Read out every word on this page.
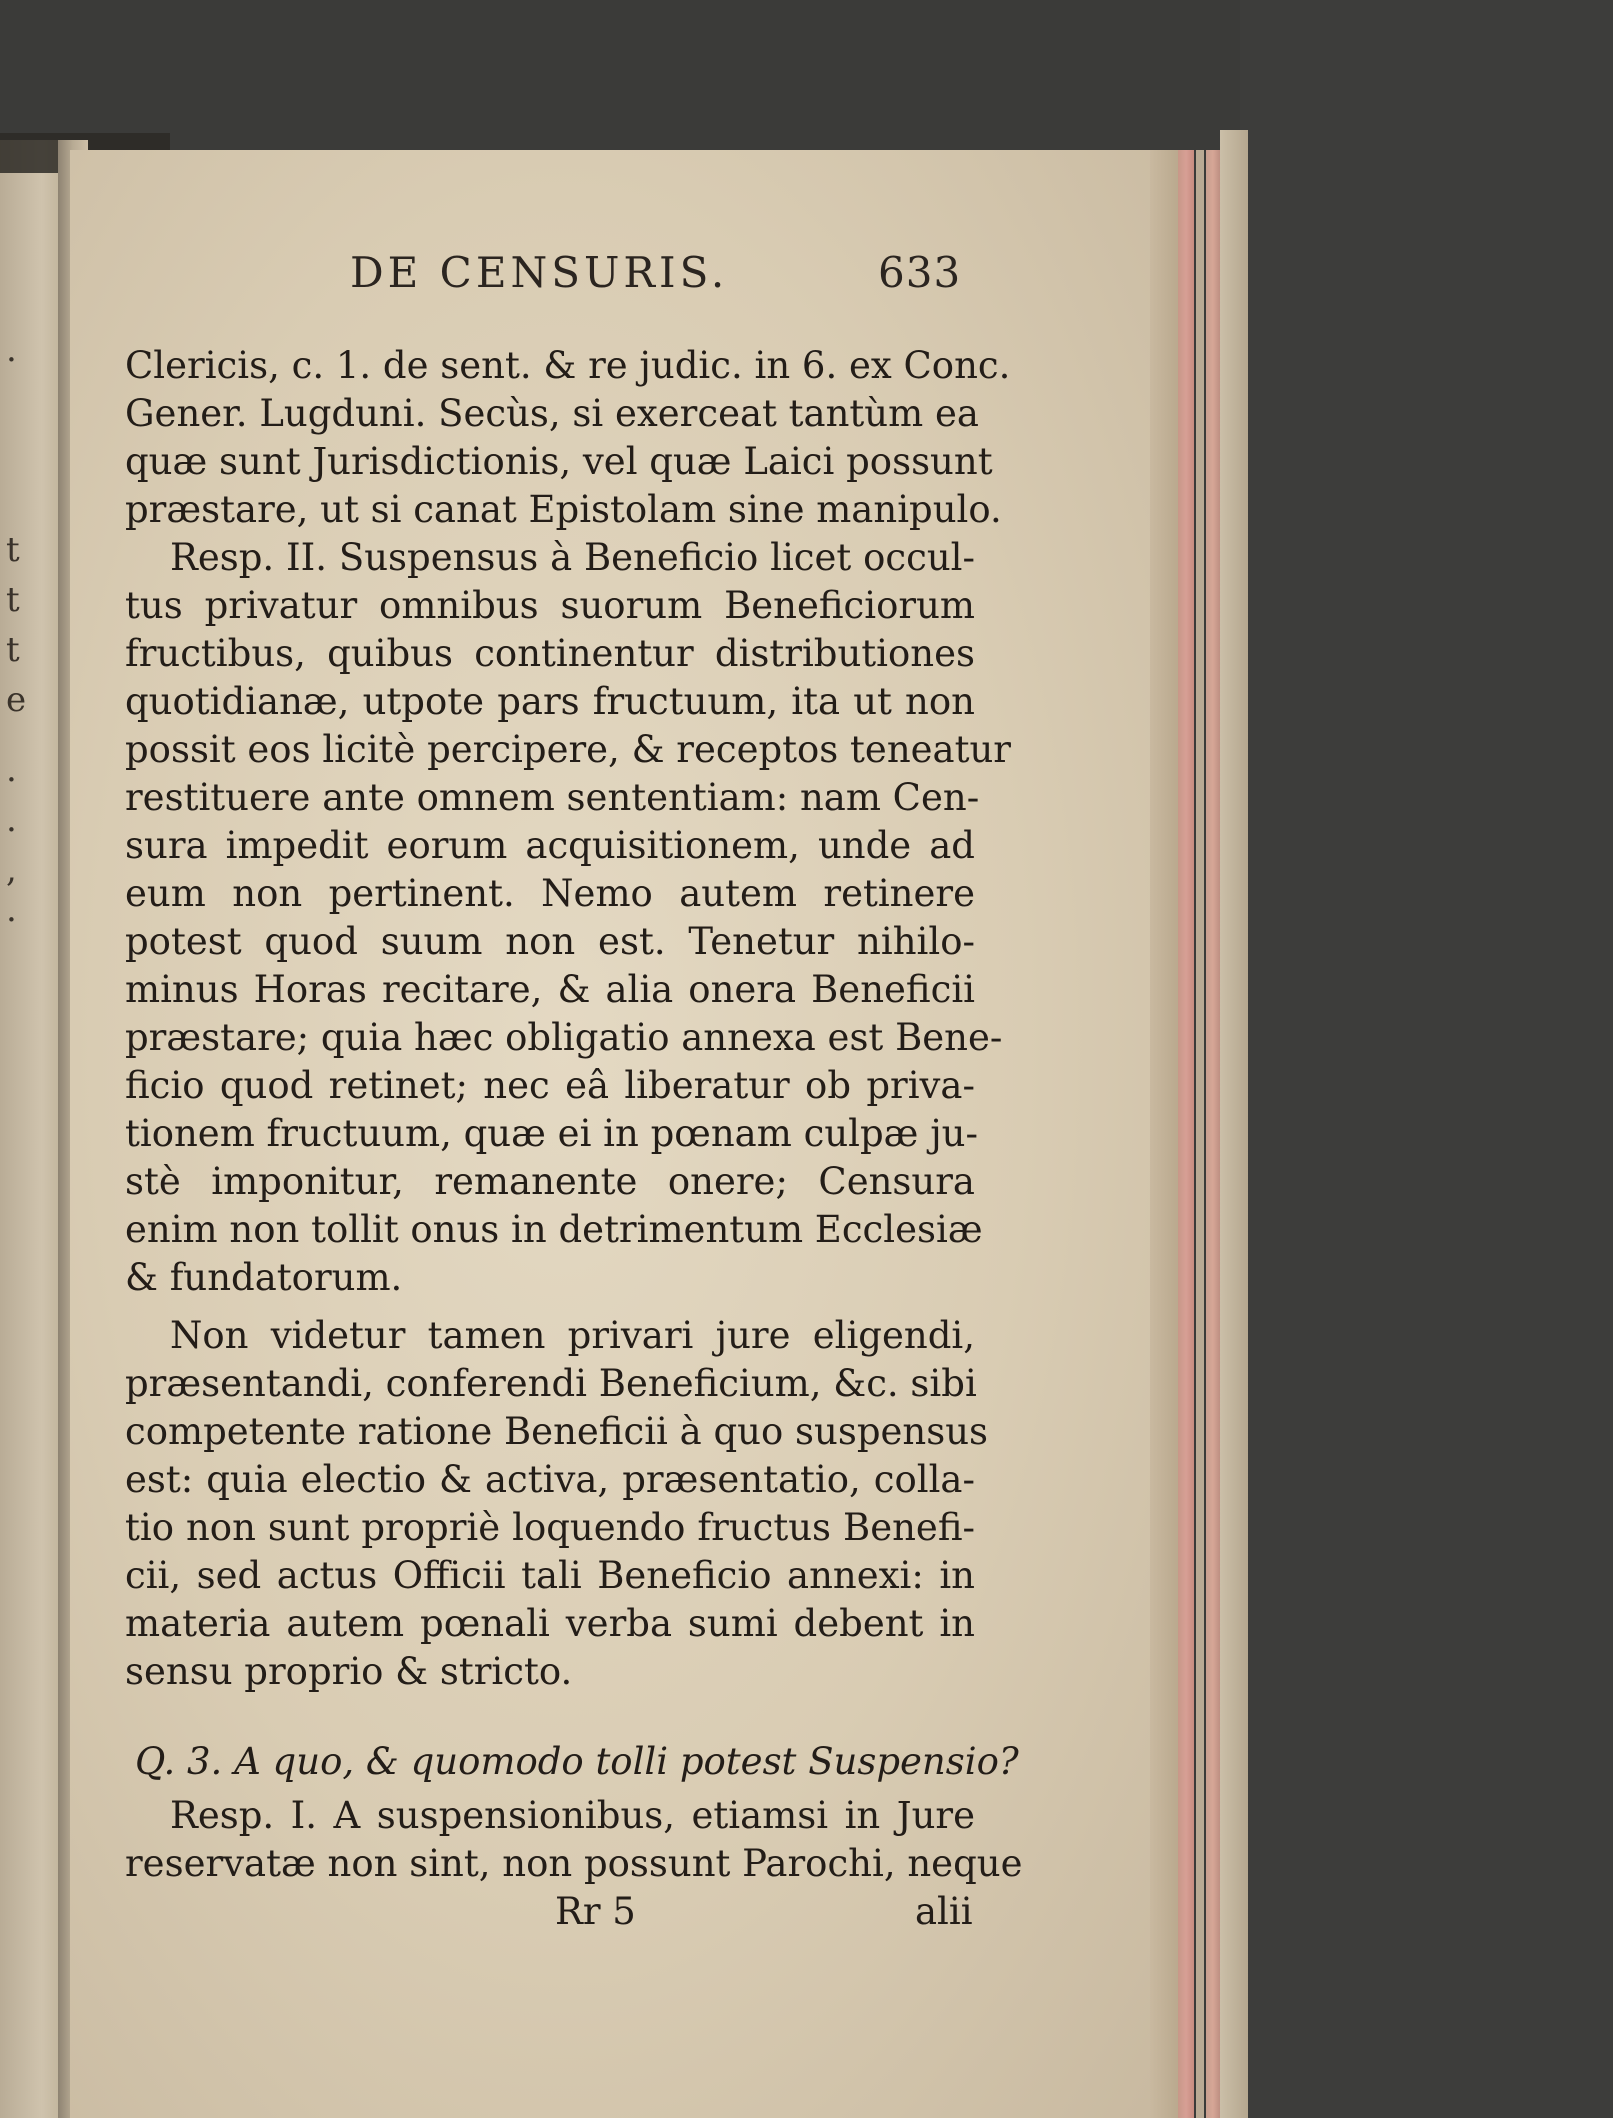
.
t
t
t
e
.
.
,
.
DE CENSURIS.	633
Clericis, c. 1. de sent. & re judic. in 6. ex Conc.
Gener. Lugduni. Secùs, si exerceat tantùm ea
quæ sunt Jurisdictionis, vel quæ Laici possunt
præstare, ut si canat Epistolam sine manipulo.
Resp. II. Suspensus à Beneficio licet occul-
tus privatur omnibus suorum Beneficiorum
fructibus, quibus continentur distributiones
quotidianæ, utpote pars fructuum, ita ut non
possit eos licitè percipere, & receptos teneatur
restituere ante omnem sententiam: nam Cen-
sura impedit eorum acquisitionem, unde ad
eum non pertinent. Nemo autem retinere
potest quod suum non est. Tenetur nihilo-
minus Horas recitare, & alia onera Beneficii
præstare; quia hæc obligatio annexa est Bene-
ficio quod retinet; nec eâ liberatur ob priva-
tionem fructuum, quæ ei in pœnam culpæ ju-
stè imponitur, remanente onere; Censura
enim non tollit onus in detrimentum Ecclesiæ
& fundatorum.
Non videtur tamen privari jure eligendi,
præsentandi, conferendi Beneficium, &c. sibi
competente ratione Beneficii à quo suspensus
est: quia electio & activa, præsentatio, colla-
tio non sunt propriè loquendo fructus Benefi-
cii, sed actus Officii tali Beneficio annexi: in
materia autem pœnali verba sumi debent in
sensu proprio & stricto.
Q. 3. A quo, & quomodo tolli potest Suspensio?
Resp. I. A suspensionibus, etiamsi in Jure
reservatæ non sint, non possunt Parochi, neque
Rr 5	alii
